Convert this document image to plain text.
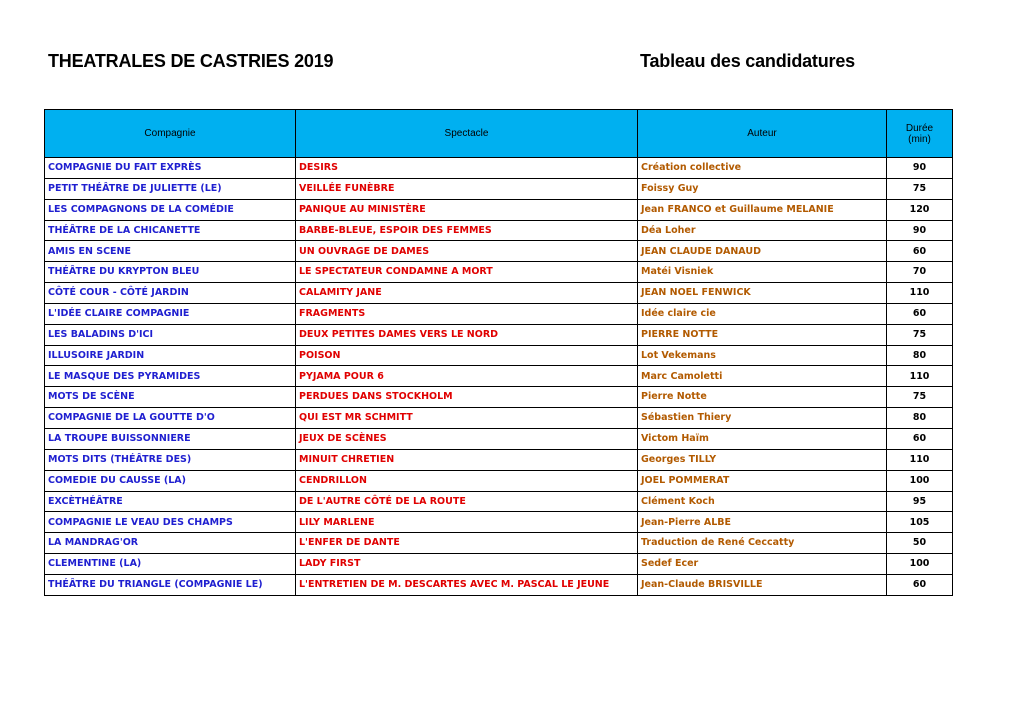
THEATRALES DE CASTRIES 2019	Tableau des candidatures
Compagnie	Spectacle	Auteur	Durée
(min)
COMPAGNIE DU FAIT EXPRÈS	DESIRS	Création collective	90
PETIT THÉÂTRE DE JULIETTE (LE)	VEILLÉE FUNÈBRE	Foissy Guy	75
LES COMPAGNONS DE LA COMÉDIE	PANIQUE AU MINISTÈRE	Jean FRANCO et Guillaume MELANIE	120
THÉÂTRE DE LA CHICANETTE	BARBE-BLEUE, ESPOIR DES FEMMES	Déa Loher	90
AMIS EN SCENE	UN OUVRAGE DE DAMES	JEAN CLAUDE DANAUD	60
THÉÂTRE DU KRYPTON BLEU	LE SPECTATEUR CONDAMNE A MORT	Matéi Visniek	70
CÔTÉ COUR - CÔTÉ JARDIN	CALAMITY JANE	JEAN NOEL FENWICK	110
L'IDÉE CLAIRE COMPAGNIE	FRAGMENTS	Idée claire cie	60
LES BALADINS D'ICI	DEUX PETITES DAMES VERS LE NORD	PIERRE NOTTE	75
ILLUSOIRE JARDIN	POISON	Lot Vekemans	80
LE MASQUE DES PYRAMIDES	PYJAMA POUR 6	Marc Camoletti	110
MOTS DE SCÈNE	PERDUES DANS STOCKHOLM	Pierre Notte	75
COMPAGNIE DE LA GOUTTE D'O	QUI EST MR SCHMITT	Sébastien Thiery	80
LA TROUPE BUISSONNIERE	JEUX DE SCÈNES	Victom Haïm	60
MOTS DITS (THÉÂTRE DES)	MINUIT CHRETIEN	Georges TILLY	110
COMEDIE DU CAUSSE (LA)	CENDRILLON	JOEL POMMERAT	100
EXCÈTHÉÂTRE	DE L'AUTRE CÔTÉ DE LA ROUTE	Clément Koch	95
COMPAGNIE LE VEAU DES CHAMPS	LILY MARLENE	Jean-Pierre ALBE	105
LA MANDRAG'OR	L'ENFER DE DANTE	Traduction de René Ceccatty	50
CLEMENTINE (LA)	LADY FIRST	Sedef Ecer	100
THÉÂTRE DU TRIANGLE (COMPAGNIE LE)	L'ENTRETIEN DE M. DESCARTES AVEC M. PASCAL LE JEUNE	Jean-Claude BRISVILLE	60
